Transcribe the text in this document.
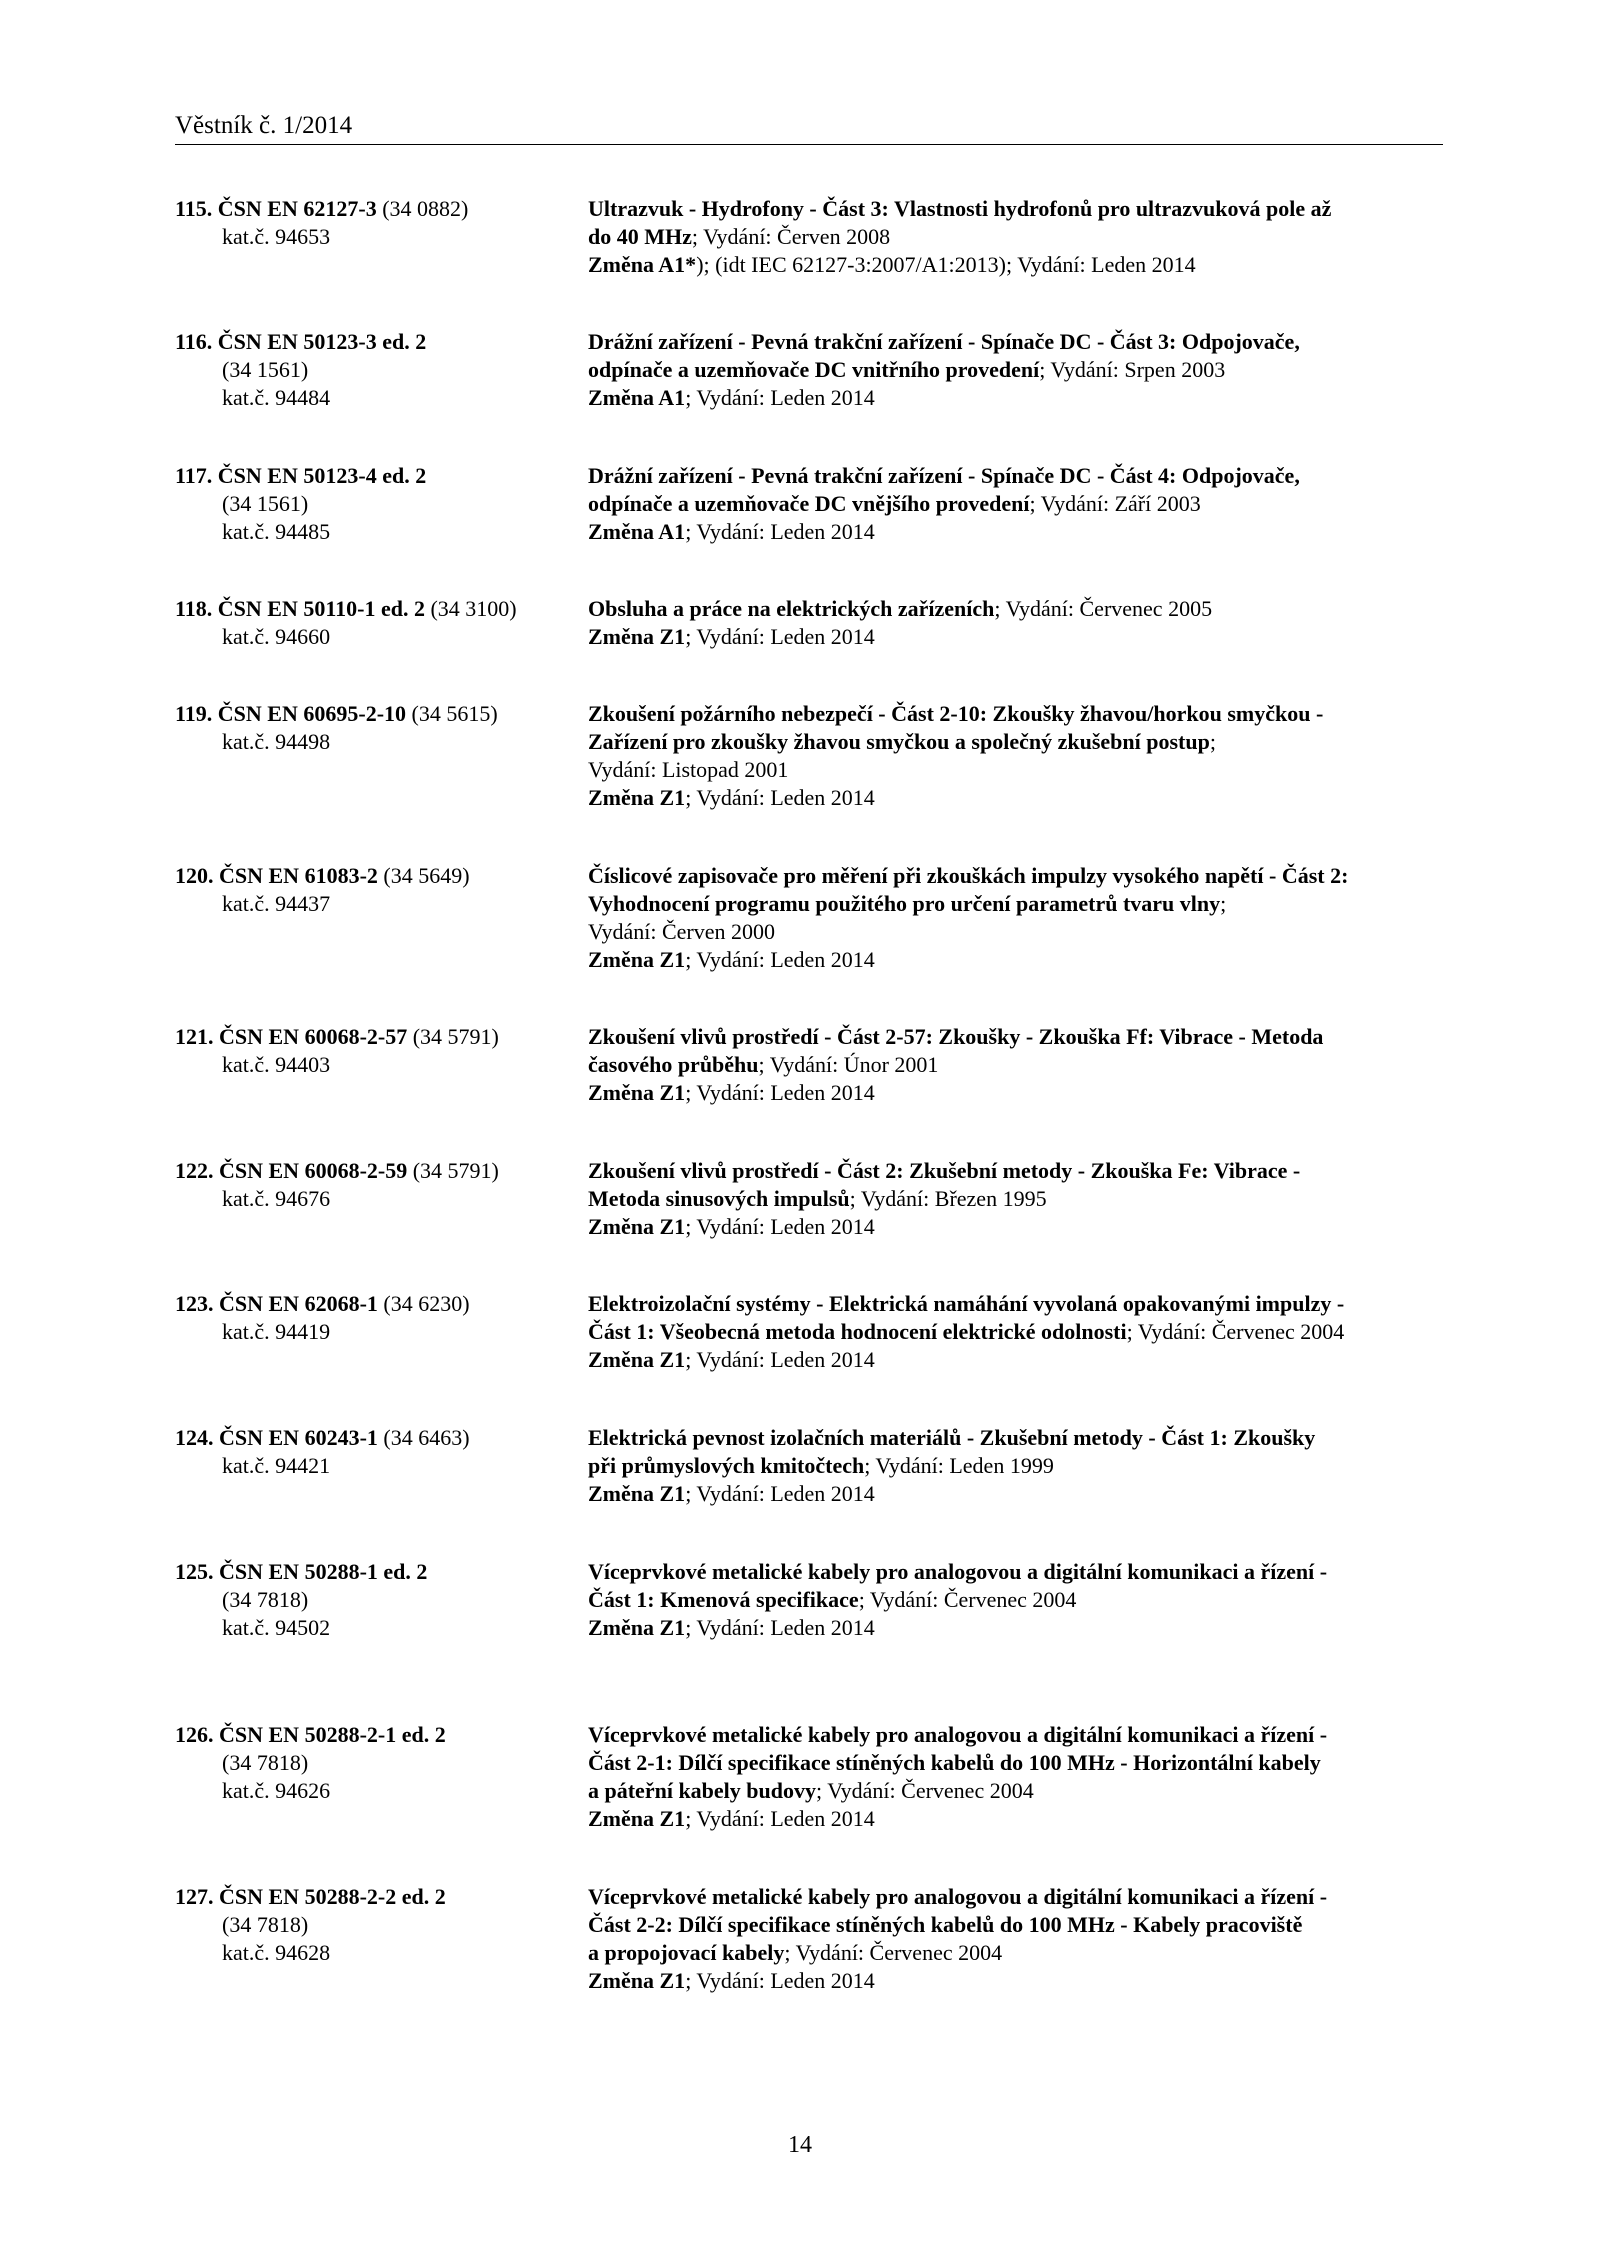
Věstník č. 1/2014
115. ČSN EN 62127-3 (34 0882)
kat.č. 94653
Ultrazvuk - Hydrofony - Část 3: Vlastnosti hydrofonů pro ultrazvuková pole až
do 40 MHz; Vydání: Červen 2008
Změna A1*); (idt IEC 62127-3:2007/A1:2013); Vydání: Leden 2014
116. ČSN EN 50123-3 ed. 2
(34 1561)
kat.č. 94484
Drážní zařízení - Pevná trakční zařízení - Spínače DC - Část 3: Odpojovače,
odpínače a uzemňovače DC vnitřního provedení; Vydání: Srpen 2003
Změna A1; Vydání: Leden 2014
117. ČSN EN 50123-4 ed. 2
(34 1561)
kat.č. 94485
Drážní zařízení - Pevná trakční zařízení - Spínače DC - Část 4: Odpojovače,
odpínače a uzemňovače DC vnějšího provedení; Vydání: Září 2003
Změna A1; Vydání: Leden 2014
118. ČSN EN 50110-1 ed. 2 (34 3100)
kat.č. 94660
Obsluha a práce na elektrických zařízeních; Vydání: Červenec 2005
Změna Z1; Vydání: Leden 2014
119. ČSN EN 60695-2-10 (34 5615)
kat.č. 94498
Zkoušení požárního nebezpečí - Část 2-10: Zkoušky žhavou/horkou smyčkou -
Zařízení pro zkoušky žhavou smyčkou a společný zkušební postup;
Vydání: Listopad 2001
Změna Z1; Vydání: Leden 2014
120. ČSN EN 61083-2 (34 5649)
kat.č. 94437
Číslicové zapisovače pro měření při zkouškách impulzy vysokého napětí - Část 2:
Vyhodnocení programu použitého pro určení parametrů tvaru vlny;
Vydání: Červen 2000
Změna Z1; Vydání: Leden 2014
121. ČSN EN 60068-2-57 (34 5791)
kat.č. 94403
Zkoušení vlivů prostředí - Část 2-57: Zkoušky - Zkouška Ff: Vibrace - Metoda
časového průběhu; Vydání: Únor 2001
Změna Z1; Vydání: Leden 2014
122. ČSN EN 60068-2-59 (34 5791)
kat.č. 94676
Zkoušení vlivů prostředí - Část 2: Zkušební metody - Zkouška Fe: Vibrace -
Metoda sinusových impulsů; Vydání: Březen 1995
Změna Z1; Vydání: Leden 2014
123. ČSN EN 62068-1 (34 6230)
kat.č. 94419
Elektroizolační systémy - Elektrická namáhání vyvolaná opakovanými impulzy -
Část 1: Všeobecná metoda hodnocení elektrické odolnosti; Vydání: Červenec 2004
Změna Z1; Vydání: Leden 2014
124. ČSN EN 60243-1 (34 6463)
kat.č. 94421
Elektrická pevnost izolačních materiálů - Zkušební metody - Část 1: Zkoušky
při průmyslových kmitočtech; Vydání: Leden 1999
Změna Z1; Vydání: Leden 2014
125. ČSN EN 50288-1 ed. 2
(34 7818)
kat.č. 94502
Víceprvkové metalické kabely pro analogovou a digitální komunikaci a řízení -
Část 1: Kmenová specifikace; Vydání: Červenec 2004
Změna Z1; Vydání: Leden 2014
126. ČSN EN 50288-2-1 ed. 2
(34 7818)
kat.č. 94626
Víceprvkové metalické kabely pro analogovou a digitální komunikaci a řízení -
Část 2-1: Dílčí specifikace stíněných kabelů do 100 MHz - Horizontální kabely
a páteřní kabely budovy; Vydání: Červenec 2004
Změna Z1; Vydání: Leden 2014
127. ČSN EN 50288-2-2 ed. 2
(34 7818)
kat.č. 94628
Víceprvkové metalické kabely pro analogovou a digitální komunikaci a řízení -
Část 2-2: Dílčí specifikace stíněných kabelů do 100 MHz - Kabely pracoviště
a propojovací kabely; Vydání: Červenec 2004
Změna Z1; Vydání: Leden 2014
14
